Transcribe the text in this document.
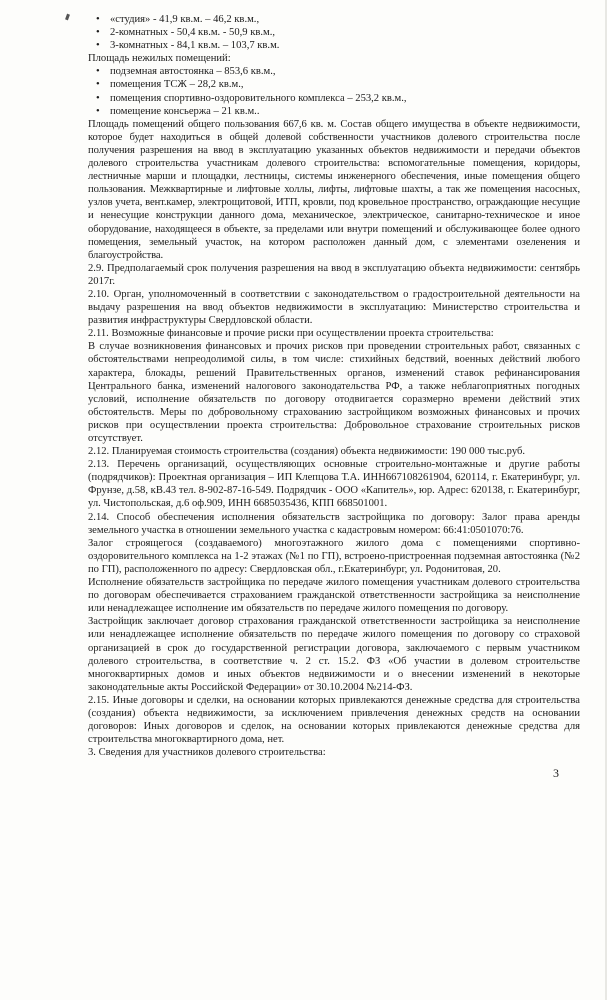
• «студия» - 41,9 кв.м. – 46,2 кв.м.,
• 2-комнатных - 50,4 кв.м. - 50,9 кв.м.,
• 3-комнатных - 84,1 кв.м. – 103,7 кв.м.

Площадь нежилых помещений:

• подземная автостоянка – 853,6 кв.м.,
• помещения ТСЖ – 28,2 кв.м.,
• помещения спортивно-оздоровительного комплекса – 253,2 кв.м.,
• помещение консьержа – 21 кв.м..

Площадь помещений общего пользования 667,6 кв. м. Состав общего имущества в объекте недвижимости, которое будет находиться в общей долевой собственности участников долевого строительства после получения разрешения на ввод в эксплуатацию указанных объектов недвижимости и передачи объектов долевого строительства участникам долевого строительства: вспомогательные помещения, коридоры, лестничные марши и площадки, лестницы, системы инженерного обеспечения, иные помещения общего пользования. Межквартирные и лифтовые холлы, лифты, лифтовые шахты, а так же помещения насосных, узлов учета, вент.камер, электрощитовой, ИТП, кровли, под кровельное пространство, ограждающие несущие и ненесущие конструкции данного дома, механическое, электрическое, санитарно-техническое и иное оборудование, находящееся в объекте, за пределами или внутри помещений и обслуживающее более одного помещения, земельный участок, на котором расположен данный дом, с элементами озеленения и благоустройства.

2.9. Предполагаемый срок получения разрешения на ввод в эксплуатацию объекта недвижимости: сентябрь 2017г.

2.10. Орган, уполномоченный в соответствии с законодательством о градостроительной деятельности на выдачу разрешения на ввод объектов недвижимости в эксплуатацию: Министерство строительства и развития инфраструктуры Свердловской области.

2.11. Возможные финансовые и прочие риски при осуществлении проекта строительства:

В случае возникновения финансовых и прочих рисков при проведении строительных работ, связанных с обстоятельствами непреодолимой силы, в том числе: стихийных бедствий, военных действий любого характера, блокады, решений Правительственных органов, изменений ставок рефинансирования Центрального банка, изменений налогового законодательства РФ, а также неблагоприятных погодных условий, исполнение обязательств по договору отодвигается соразмерно времени действий этих обстоятельств. Меры по добровольному страхованию застройщиком возможных финансовых и прочих рисков при осуществлении проекта строительства: Добровольное страхование строительных рисков отсутствует.

2.12. Планируемая стоимость строительства (создания) объекта недвижимости: 190 000 тыс.руб.

2.13. Перечень организаций, осуществляющих основные строительно-монтажные и другие работы (подрядчиков): Проектная организация – ИП Клепцова Т.А. ИНН667108261904, 620114, г. Екатеринбург, ул. Фрунзе, д.58, кВ.43 тел. 8-902-87-16-549. Подрядчик - ООО «Капитель», юр. Адрес: 620138, г. Екатеринбург, ул. Чистопольская, д.6 оф.909, ИНН 6685035436, КПП 668501001.

2.14. Способ обеспечения исполнения обязательств застройщика по договору: Залог права аренды земельного участка в отношении земельного участка с кадастровым номером: 66:41:0501070:76.

Залог строящегося (создаваемого) многоэтажного жилого дома с помещениями спортивно-оздоровительного комплекса на 1-2 этажах (№1 по ГП), встроено-пристроенная подземная автостоянка (№2 по ГП), расположенного по адресу: Свердловская обл., г.Екатеринбург, ул. Родонитовая, 20.

Исполнение обязательств застройщика по передаче жилого помещения участникам долевого строительства по договорам обеспечивается страхованием гражданской ответственности застройщика за неисполнение или ненадлежащее исполнение им обязательств по передаче жилого помещения по договору.

Застройщик заключает договор страхования гражданской ответственности застройщика за неисполнение или ненадлежащее исполнение обязательств по передаче жилого помещения по договору со страховой организацией в срок до государственной регистрации договора, заключаемого с первым участником долевого строительства, в соответствие ч. 2 ст. 15.2. ФЗ «Об участии в долевом строительстве многоквартирных домов и иных объектов недвижимости и о внесении изменений в некоторые законодательные акты Российской Федерации» от 30.10.2004 №214-ФЗ.

2.15. Иные договоры и сделки, на основании которых привлекаются денежные средства для строительства (создания) объекта недвижимости, за исключением привлечения денежных средств на основании договоров: Иных договоров и сделок, на основании которых привлекаются денежные средства для строительства многоквартирного дома, нет.

3. Сведения для участников долевого строительства:

3
